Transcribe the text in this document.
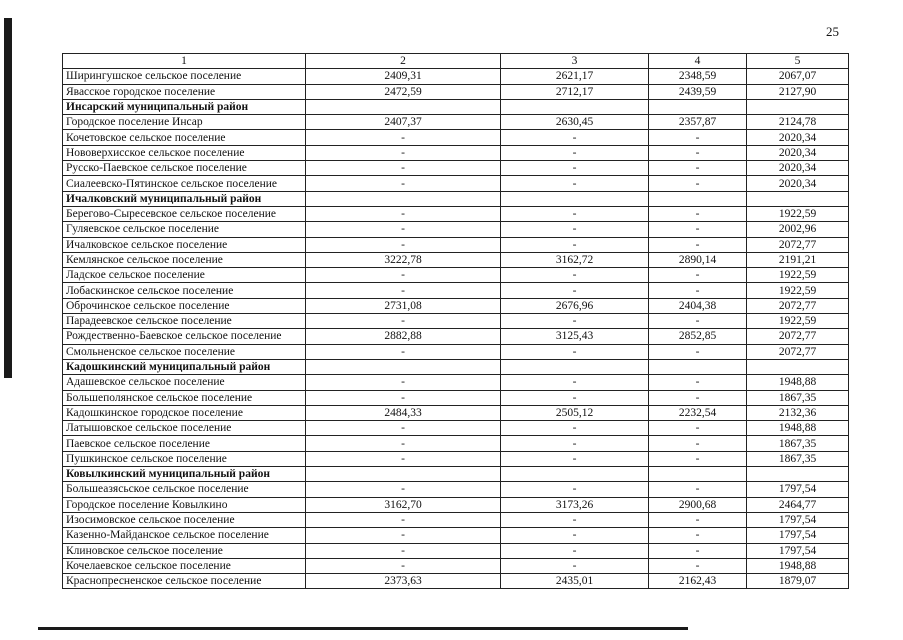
25
1	2	3	4	5
Ширингушское сельское поселение	2409,31	2621,17	2348,59	2067,07
Явасское городское поселение	2472,59	2712,17	2439,59	2127,90
Инсарский муниципальный район				
Городское поселение Инсар	2407,37	2630,45	2357,87	2124,78
Кочетовское сельское поселение	-	-	-	2020,34
Нововерхисское сельское поселение	-	-	-	2020,34
Русско-Паевское сельское поселение	-	-	-	2020,34
Сиалеевско-Пятинское сельское поселение	-	-	-	2020,34
Ичалковский муниципальный район				
Берегово-Сыресевское сельское поселение	-	-	-	1922,59
Гуляевское сельское поселение	-	-	-	2002,96
Ичалковское сельское поселение	-	-	-	2072,77
Кемлянское сельское поселение	3222,78	3162,72	2890,14	2191,21
Ладское сельское поселение	-	-	-	1922,59
Лобаскинское сельское поселение	-	-	-	1922,59
Оброчинское сельское поселение	2731,08	2676,96	2404,38	2072,77
Парадеевское сельское поселение	-	-	-	1922,59
Рождественно-Баевское сельское поселение	2882,88	3125,43	2852,85	2072,77
Смольненское сельское поселение	-	-	-	2072,77
Кадошкинский муниципальный район				
Адашевское сельское поселение	-	-	-	1948,88
Большеполянское сельское поселение	-	-	-	1867,35
Кадошкинское городское поселение	2484,33	2505,12	2232,54	2132,36
Латышовское сельское поселение	-	-	-	1948,88
Паевское сельское поселение	-	-	-	1867,35
Пушкинское сельское поселение	-	-	-	1867,35
Ковылкинский муниципальный район				
Большеазясьское сельское поселение	-	-	-	1797,54
Городское поселение Ковылкино	3162,70	3173,26	2900,68	2464,77
Изосимовское сельское поселение	-	-	-	1797,54
Казенно-Майданское сельское поселение	-	-	-	1797,54
Клиновское сельское поселение	-	-	-	1797,54
Кочелаевское сельское поселение	-	-	-	1948,88
Краснопресненское сельское поселение	2373,63	2435,01	2162,43	1879,07
